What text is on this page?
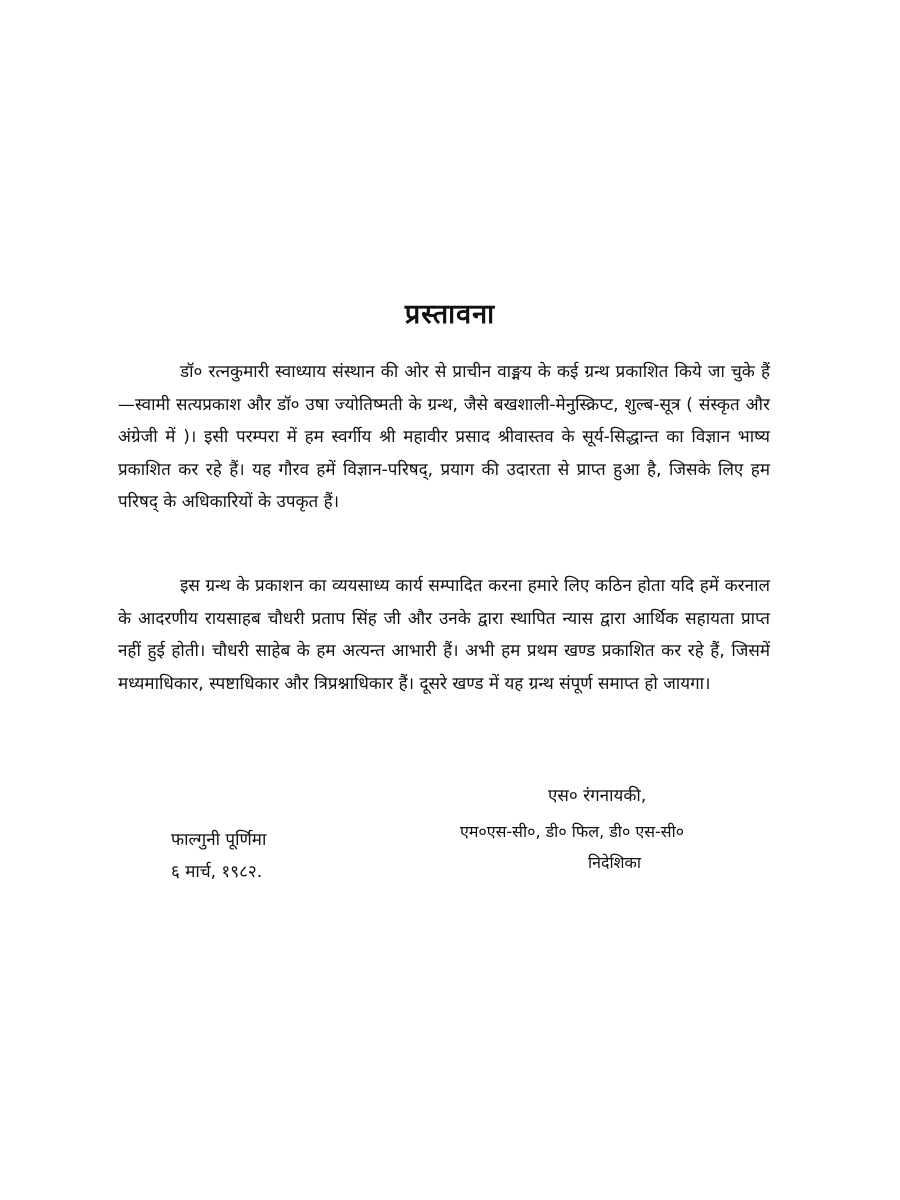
प्रस्तावना

डॉ० रत्नकुमारी स्वाध्याय संस्थान की ओर से प्राचीन वाङ्मय के कई ग्रन्थ प्रकाशित किये जा चुके हैं—स्वामी सत्यप्रकाश और डॉ० उषा ज्योतिष्मती के ग्रन्थ, जैसे बखशाली-मेनुस्क्रिप्ट, शुल्ब-सूत्र ( संस्कृत और अंग्रेजी में )। इसी परम्परा में हम स्वर्गीय श्री महावीर प्रसाद श्रीवास्तव के सूर्य-सिद्धान्त का विज्ञान भाष्य प्रकाशित कर रहे हैं। यह गौरव हमें विज्ञान-परिषद्, प्रयाग की उदारता से प्राप्त हुआ है, जिसके लिए हम परिषद् के अधिकारियों के उपकृत हैं।

इस ग्रन्थ के प्रकाशन का व्ययसाध्य कार्य सम्पादित करना हमारे लिए कठिन होता यदि हमें करनाल के आदरणीय रायसाहब चौधरी प्रताप सिंह जी और उनके द्वारा स्थापित न्यास द्वारा आर्थिक सहायता प्राप्त नहीं हुई होती। चौधरी साहेब के हम अत्यन्त आभारी हैं। अभी हम प्रथम खण्ड प्रकाशित कर रहे हैं, जिसमें मध्यमाधिकार, स्पष्टाधिकार और त्रिप्रश्नाधिकार हैं। दूसरे खण्ड में यह ग्रन्थ संपूर्ण समाप्त हो जायगा।

एस० रंगनायकी,
एम०एस-सी०, डी० फिल, डी० एस-सी०
निदेशिका
फाल्गुनी पूर्णिमा
६ मार्च, १९८२.
